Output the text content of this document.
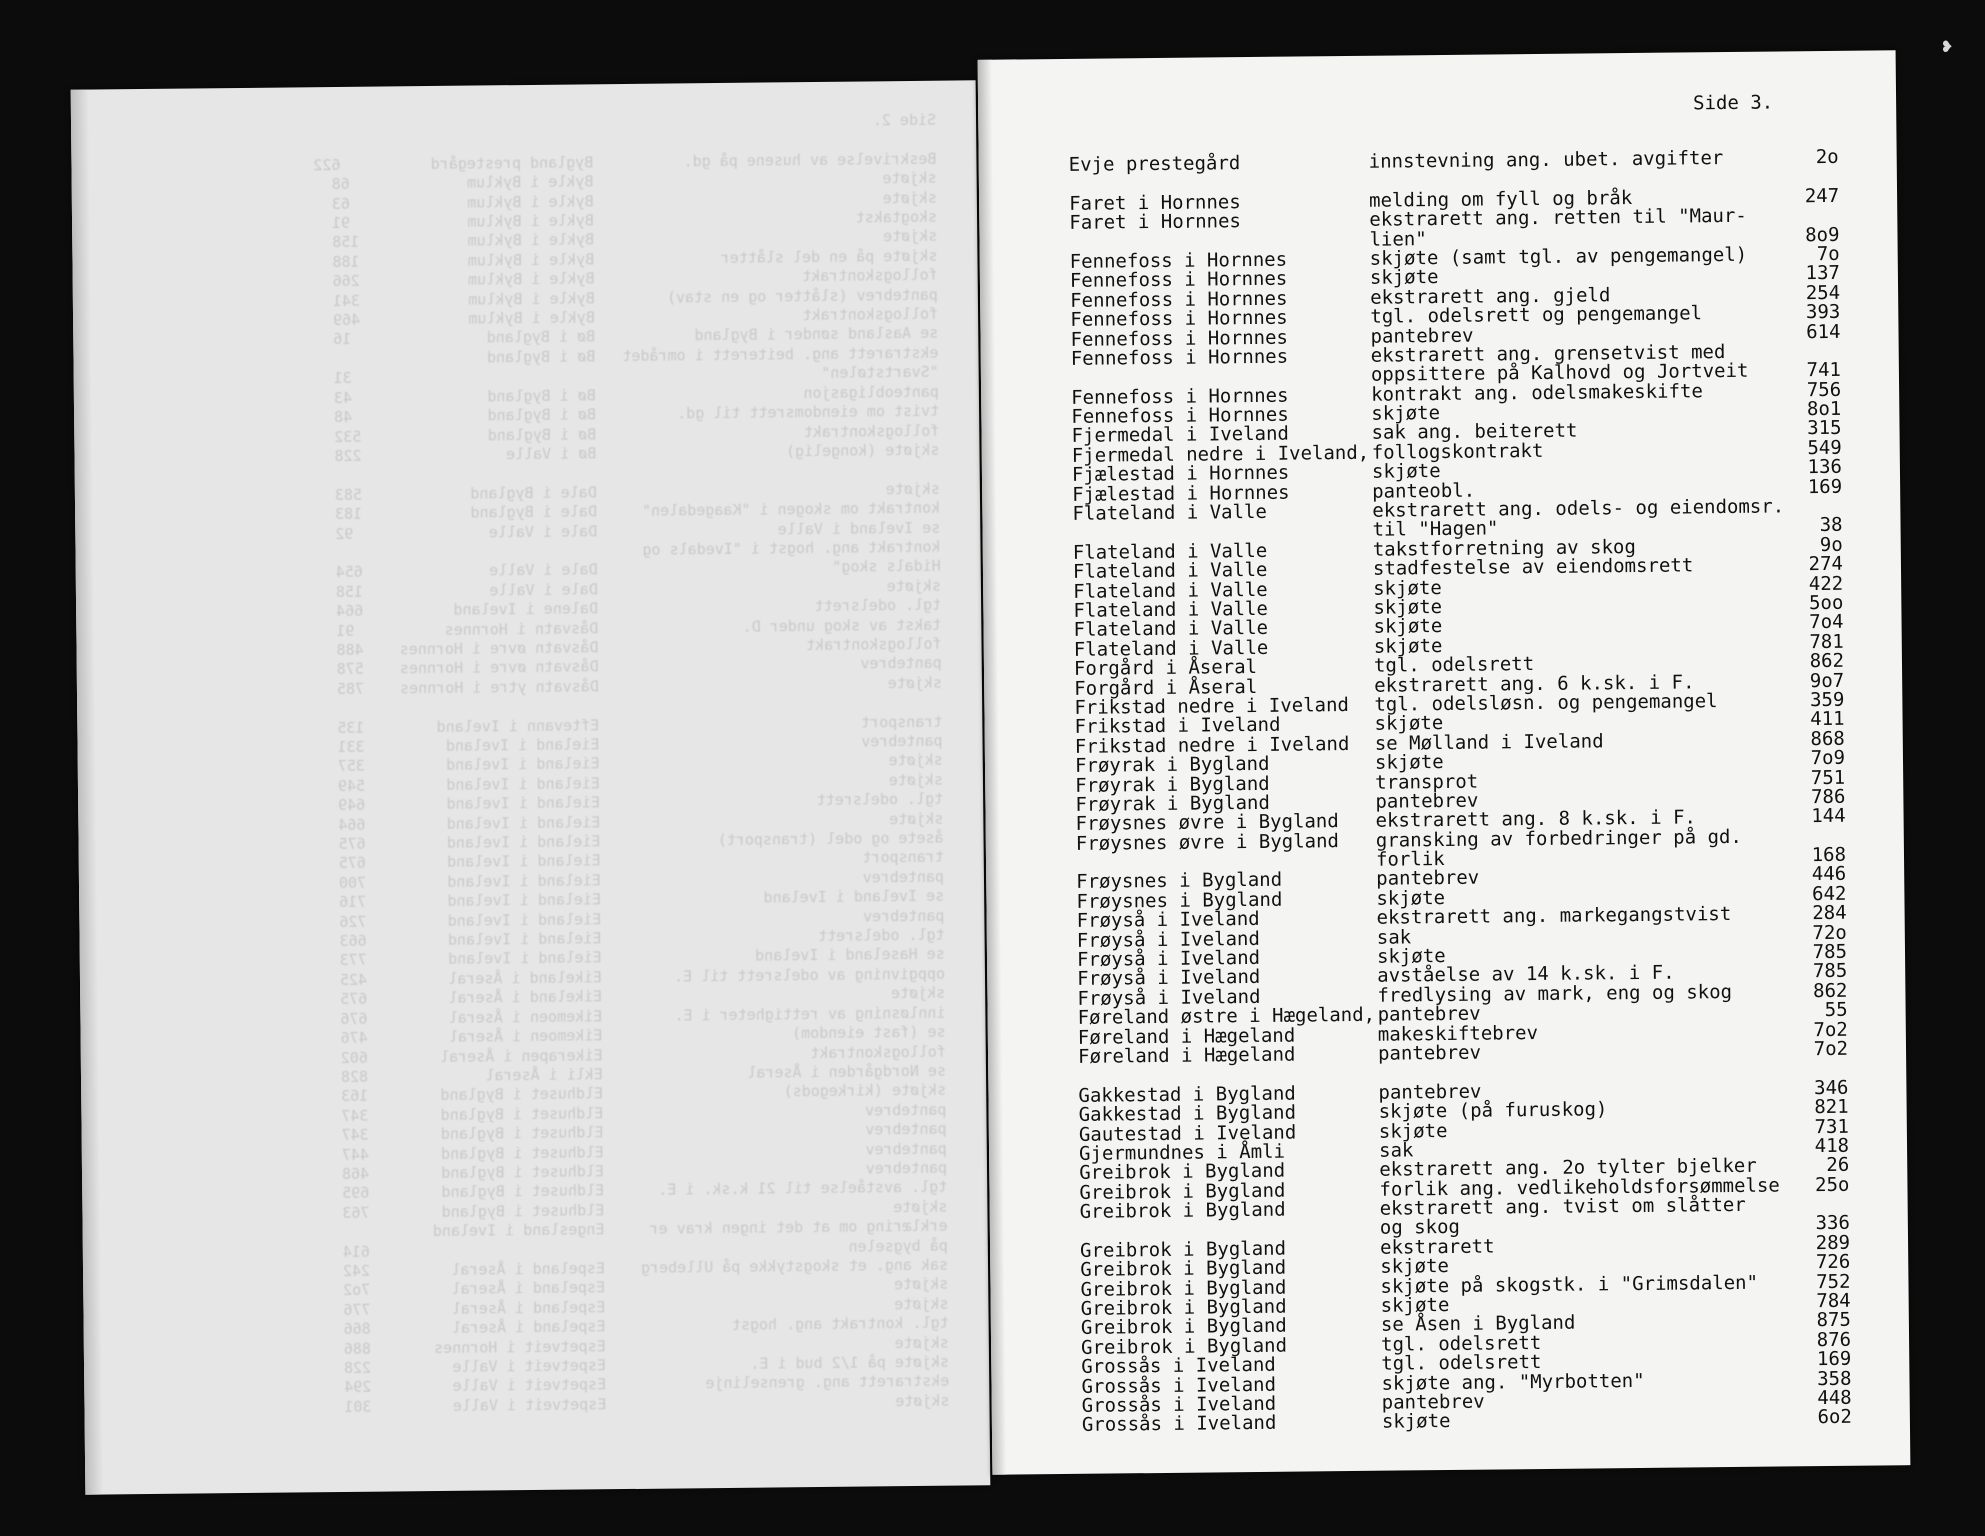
Side 2.

Beskrivelse av husene på gd.          Bygland prestegård          622
skjøte                                Bykle i Byklum             68
skjøte                                Bykle i Byklum             63
skogtakst                             Bykle i Byklum             91
skjøte                                Bykle i Byklum            158
skjøte på en del slåtter              Bykle i Byklum            188
follogskontrakt                       Bykle i Byklum            266
pantebrev (slåtter og en stav)        Bykle i Byklum            341
follogskontrakt                       Bykle i Byklum            469
se Aasland sønder i Bygland           Bø i Bygland               16
ekstrarett ang. beiterett i området   Bø i Bygland
"Svartstølen"                                                    31
panteobligasjon                       Bø i Bygland               43
tvist om eiendomsrett til gd.         Bø i Bygland               48
follogskontrakt                       Bø i Bygland              532
skjøte (kongelig)                     Bø i Valle                228

skjøte                                Dale i Bygland            583
kontrakt om skogen i "Kaagedalen"     Dale i Bygland            183
se Iveland i Valle                    Dale i Valle               92
kontrakt ang. hogst i "Ivedals og
Hidals skog"                          Dale i Valle              654
skjøte                                Dale i Valle              158
tgl. odelsrett                        Dalene i Iveland          664
takst av skog under D.                Dåsvatn i Hornnes          91
follogskontrakt                       Dåsvatn øvre i Hornnes    488
pantebrev                             Dåsvatn øvre i Hornnes    578
skjøte                                Dåsvatn ytre i Hornnes    785

transport                             Eftevann i Iveland        135
pantebrev                             Eieland i Iveland         331
skjøte                                Eieland i Iveland         357
skjøte                                Eieland i Iveland         549
tgl. odelsrett                        Eieland i Iveland         649
skjøte                                Eieland i Iveland         664
åsete og odel (transport)             Eieland i Iveland         675
transport                             Eieland i Iveland         675
pantebrev                             Eieland i Iveland         700
se Iveland i Iveland                  Eieland i Iveland         716
pantebrev                             Eieland i Iveland         726
tgl. odelsrett                        Eieland i Iveland         663
se Haseland i Iveland                 Eieland i Iveland         773
oppgivning av odelsrett til E.        Eikeland i Åseral         425
skjøte                                Eikeland i Åseral         675
innløsning av rettigheter i E.        Eikemoen i Åseral         676
se (fast eiendom)                     Eikemoen i Åseral         476
follogskontrakt                       Eikerapen i Åseral        602
se Nordgården i Åseral                Ekli i Åseral             828
skjøte (kirkegods)                    Eldhuset i Bygland        163
pantebrev                             Eldhuset i Bygland        347
pantebrev                             Eldhuset i Bygland        347
pantebrev                             Eldhuset i Bygland        447
pantebrev                             Eldhuset i Bygland        468
tgl. avståelse til 21 k.sk. i E.      Eldhuset i Bygland        695
skjøte                                Eldhuset i Bygland        763
erklæring om at det ingen krav er     Engesland i Iveland
på bygselen                                                     614
sak ang. et skogstykke på Ulleberg    Espeland i Åseral         242
skjøte                                Espeland i Åseral         7o2
skjøte                                Espeland i Åseral         776
tgl. kontrakt ang. hogst              Espeland i Åseral         866
skjøte                                Espetveit i Hornnes       886
skjøte på 1/2 bud i E.                Espetveit i Valle         228
ekstrarett ang. grenselinje           Espetveit i Valle         294
skjøte                                Espetveit i Valle         301
Side 3.
Evje prestegård	innstevning ang. ubet. avgifter	2o
Faret i Hornnes	melding om fyll og bråk	247
Faret i Hornnes	ekstrarett ang. retten til "Maur-
lien"	8o9
Fennefoss i Hornnes	skjøte (samt tgl. av pengemangel)	7o
Fennefoss i Hornnes	skjøte	137
Fennefoss i Hornnes	ekstrarett ang. gjeld	254
Fennefoss i Hornnes	tgl. odelsrett og pengemangel	393
Fennefoss i Hornnes	pantebrev	614
Fennefoss i Hornnes	ekstrarett ang. grensetvist med
oppsittere på Kalhovd og Jortveit	741
Fennefoss i Hornnes	kontrakt ang. odelsmakeskifte	756
Fennefoss i Hornnes	skjøte	8o1
Fjermedal i Iveland	sak ang. beiterett	315
Fjermedal nedre i Iveland, follogskontrakt	549
Fjælestad i Hornnes	skjøte	136
Fjælestad i Hornnes	panteobl.	169
Flateland i Valle	ekstrarett ang. odels- og eiendomsr.
til "Hagen"	38
Flateland i Valle	takstforretning av skog	9o
Flateland i Valle	stadfestelse av eiendomsrett	274
Flateland i Valle	skjøte	422
Flateland i Valle	skjøte	5oo
Flateland i Valle	skjøte	7o4
Flateland i Valle	skjøte	781
Forgård i Åseral	tgl. odelsrett	862
Forgård i Åseral	ekstrarett ang. 6 k.sk. i F.	9o7
Frikstad nedre i Iveland tgl. odelsløsn. og pengemangel	359
Frikstad i Iveland	skjøte	411
Frikstad nedre i Iveland se Mølland i Iveland	868
Frøyrak i Bygland	skjøte	7o9
Frøyrak i Bygland	transprot	751
Frøyrak i Bygland	pantebrev	786
Frøysnes øvre i Bygland ekstrarett ang. 8 k.sk. i F.	144
Frøysnes øvre i Bygland gransking av forbedringer på gd.
forlik	168
Frøysnes i Bygland	pantebrev	446
Frøysnes i Bygland	skjøte	642
Frøyså i Iveland	ekstrarett ang. markegangstvist	284
Frøyså i Iveland	sak	72o
Frøyså i Iveland	skjøte	785
Frøyså i Iveland	avståelse av 14 k.sk. i F.	785
Frøyså i Iveland	fredlysing av mark, eng og skog	862
Føreland østre i Hægeland, pantebrev	55
Føreland i Hægeland	makeskiftebrev	7o2
Føreland i Hægeland	pantebrev	7o2
Gakkestad i Bygland	pantebrev	346
Gakkestad i Bygland	skjøte (på furuskog)	821
Gautestad i Iveland	skjøte	731
Gjermundnes i Åmli	sak	418
Greibrok i Bygland	ekstrarett ang. 2o tylter bjelker	26
Greibrok i Bygland	forlik ang. vedlikeholdsforsømmelse 25o
Greibrok i Bygland	ekstrarett ang. tvist om slåtter
og skog	336
Greibrok i Bygland	ekstrarett	289
Greibrok i Bygland	skjøte	726
Greibrok i Bygland	skjøte på skogstk. i "Grimsdalen"	752
Greibrok i Bygland	skjøte	784
Greibrok i Bygland	se Åsen i Bygland	875
Greibrok i Bygland	tgl. odelsrett	876
Grossås i Iveland	tgl. odelsrett	169
Grossås i Iveland	skjøte ang. "Myrbotten"	358
Grossås i Iveland	pantebrev	448
Grossås i Iveland	skjøte	6o2
❥
